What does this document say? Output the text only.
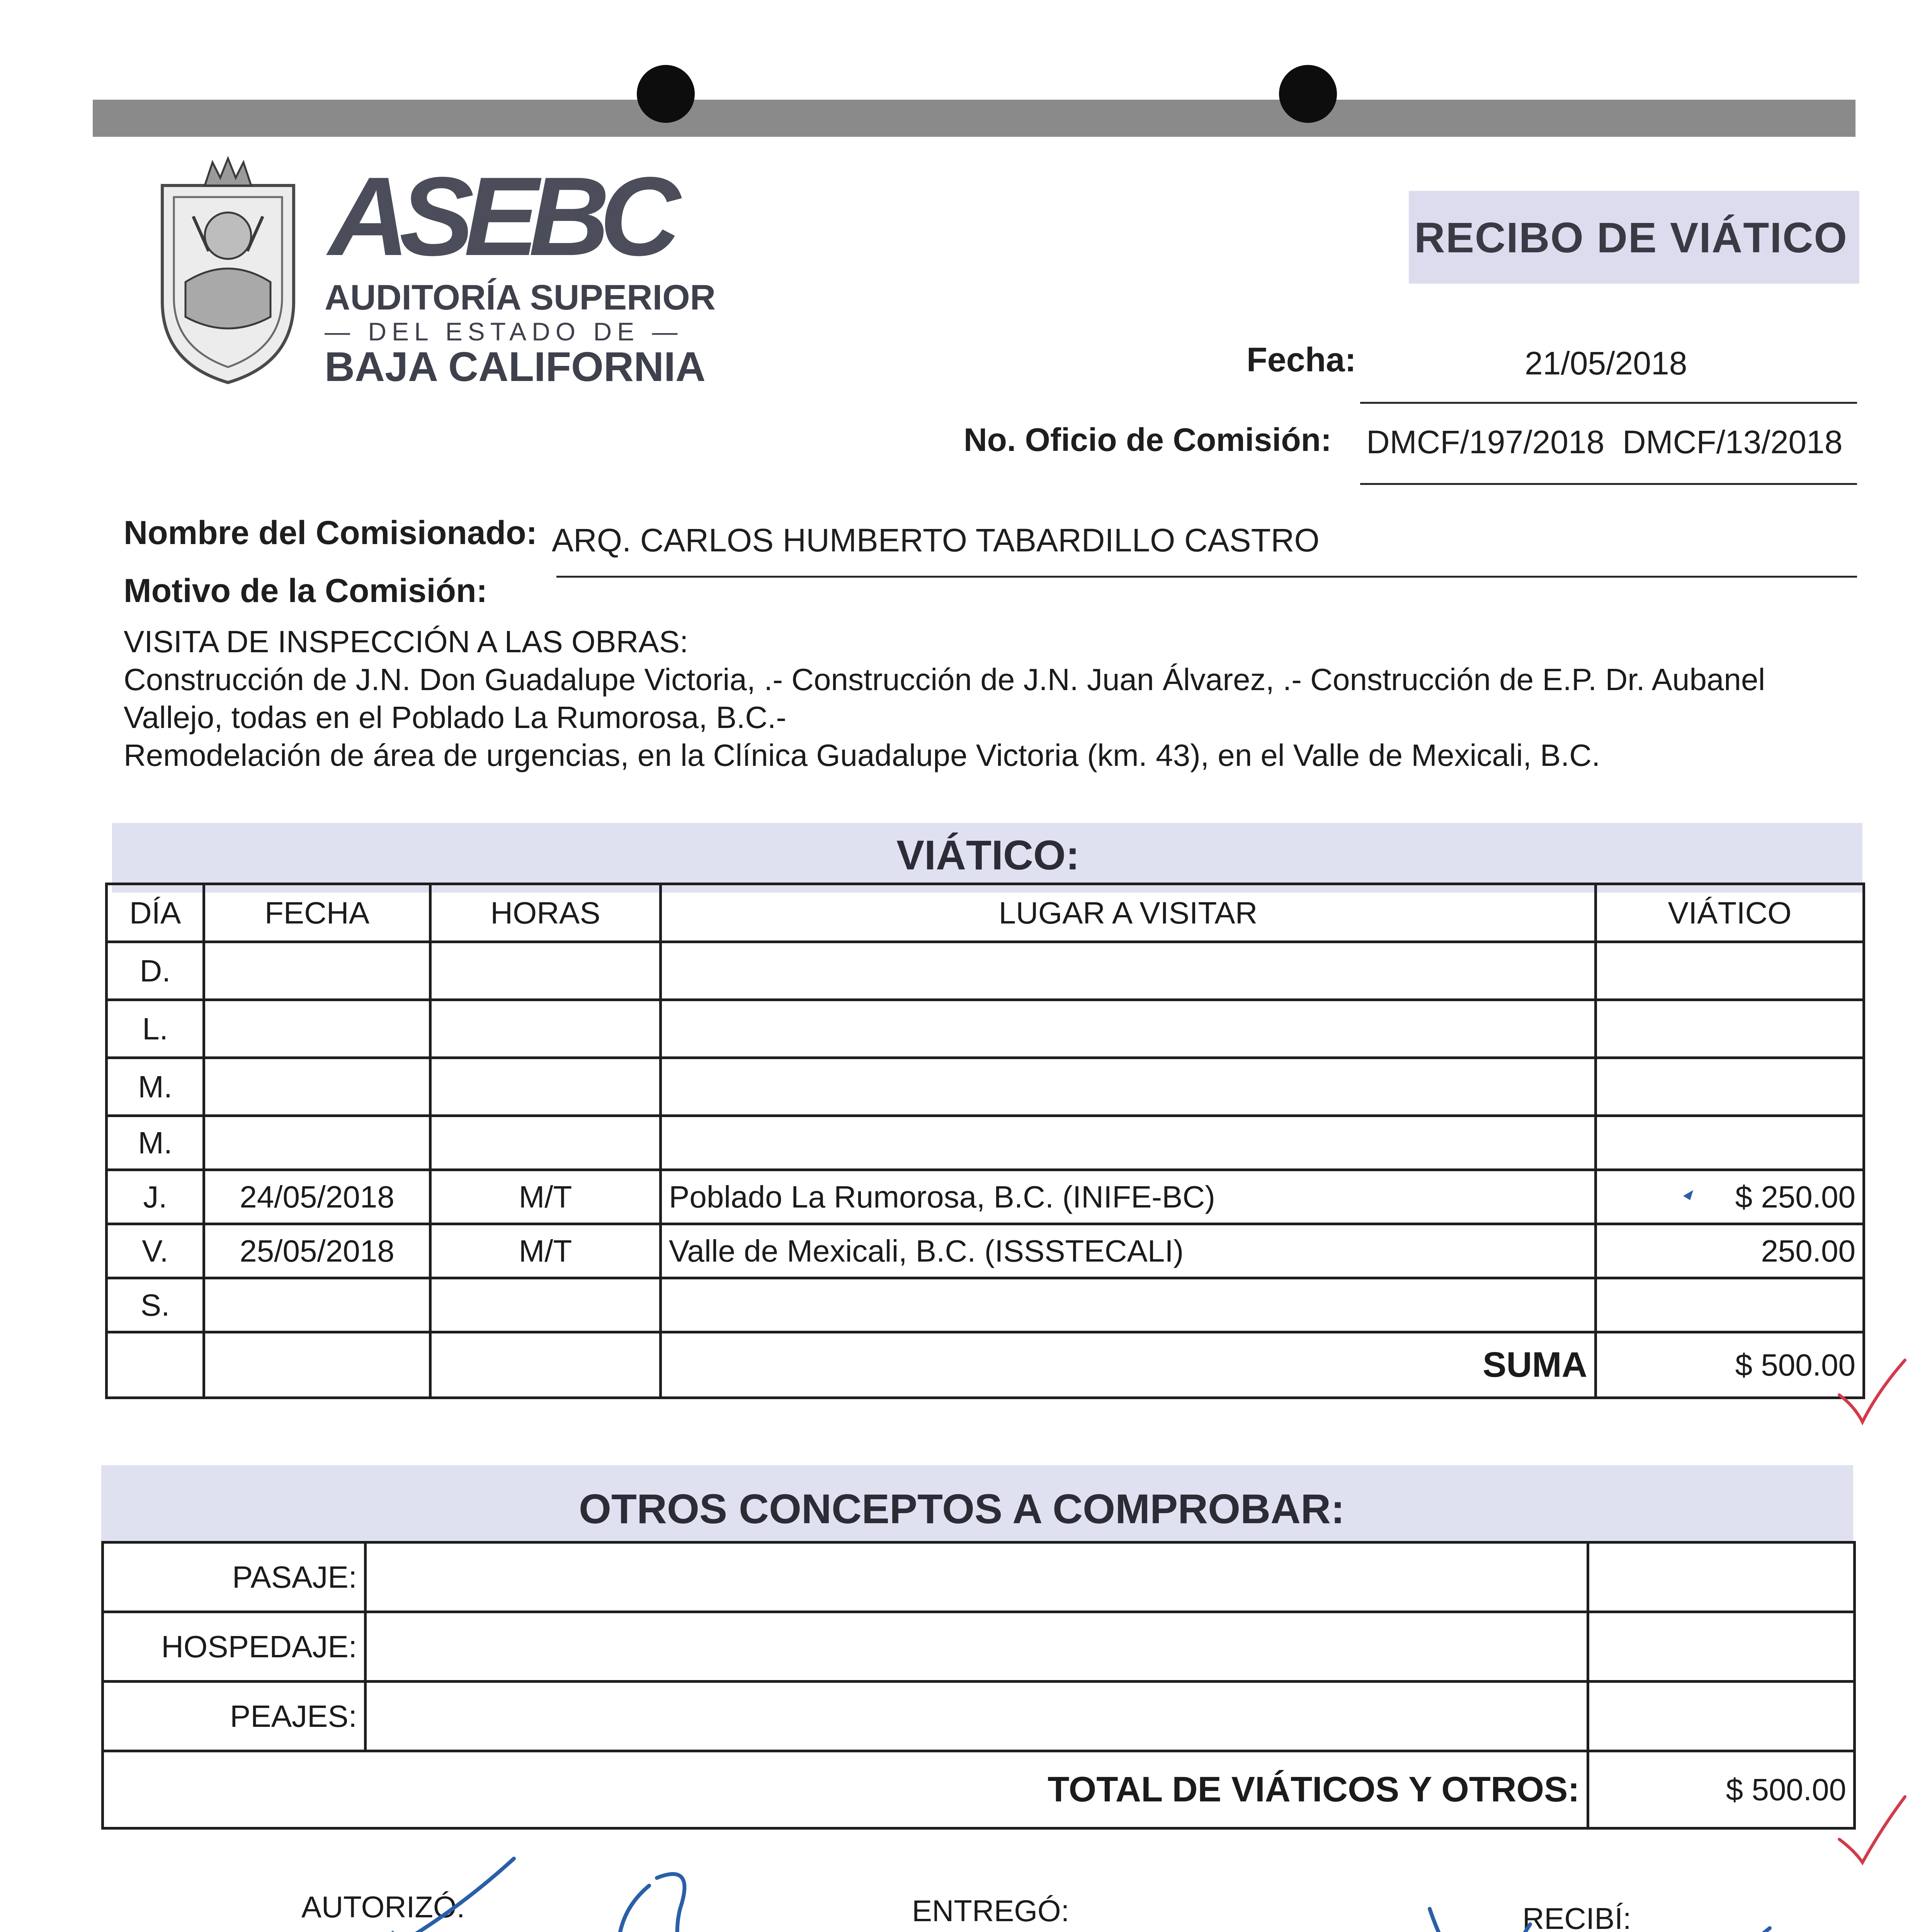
ASEBC
AUDITORÍA SUPERIOR
— DEL ESTADO DE —
BAJA CALIFORNIA
RECIBO DE VIÁTICO
Fecha:	21/05/2018
No. Oficio de Comisión: DMCF/197/2018  DMCF/13/2018
Nombre del Comisionado: ARQ. CARLOS HUMBERTO TABARDILLO CASTRO
Motivo de la Comisión:
VISITA DE INSPECCIÓN A LAS OBRAS:
Construcción de J.N. Don Guadalupe Victoria, .- Construcción de J.N. Juan Álvarez, .- Construcción de E.P. Dr. Aubanel
Vallejo, todas en el Poblado La Rumorosa, B.C.-
Remodelación de área de urgencias, en la Clínica Guadalupe Victoria (km. 43), en el Valle de Mexicali, B.C.
VIÁTICO:
DÍA	FECHA	HORAS	LUGAR A VISITAR	VIÁTICO
D.				
L.				
M.				
M.				
J.	24/05/2018	M/T	Poblado La Rumorosa, B.C. (INIFE-BC)	$ 250.00
V.	25/05/2018	M/T	Valle de Mexicali, B.C. (ISSSTECALI)	250.00
S.				
			SUMA	$ 500.00
OTROS CONCEPTOS A COMPROBAR:
PASAJE:		
HOSPEDAJE:		
PEAJES:		
TOTAL DE VIÁTICOS Y OTROS:		$ 500.00
AUTORIZÓ:	ENTREGÓ:	RECIBÍ:
